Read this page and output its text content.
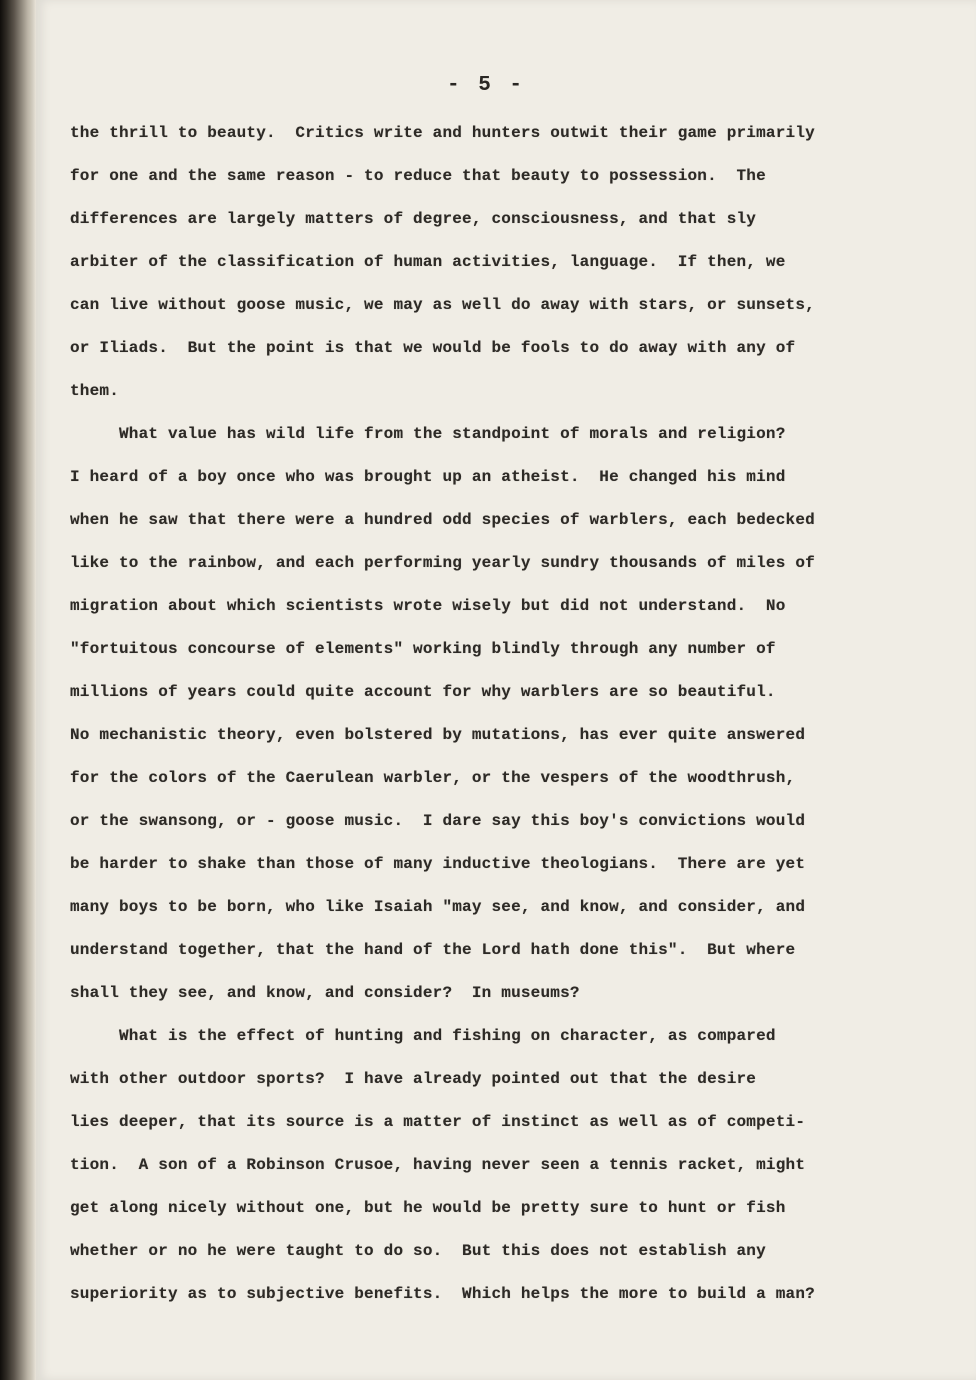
- 5 -
the thrill to beauty.  Critics write and hunters outwit their game primarily
for one and the same reason - to reduce that beauty to possession.  The
differences are largely matters of degree, consciousness, and that sly
arbiter of the classification of human activities, language.  If then, we
can live without goose music, we may as well do away with stars, or sunsets,
or Iliads.  But the point is that we would be fools to do away with any of
them.
What value has wild life from the standpoint of morals and religion?
I heard of a boy once who was brought up an atheist.  He changed his mind
when he saw that there were a hundred odd species of warblers, each bedecked
like to the rainbow, and each performing yearly sundry thousands of miles of
migration about which scientists wrote wisely but did not understand.  No
"fortuitous concourse of elements" working blindly through any number of
millions of years could quite account for why warblers are so beautiful.
No mechanistic theory, even bolstered by mutations, has ever quite answered
for the colors of the Caerulean warbler, or the vespers of the woodthrush,
or the swansong, or - goose music.  I dare say this boy's convictions would
be harder to shake than those of many inductive theologians.  There are yet
many boys to be born, who like Isaiah "may see, and know, and consider, and
understand together, that the hand of the Lord hath done this".  But where
shall they see, and know, and consider?  In museums?
What is the effect of hunting and fishing on character, as compared
with other outdoor sports?  I have already pointed out that the desire
lies deeper, that its source is a matter of instinct as well as of competi-
tion.  A son of a Robinson Crusoe, having never seen a tennis racket, might
get along nicely without one, but he would be pretty sure to hunt or fish
whether or no he were taught to do so.  But this does not establish any
superiority as to subjective benefits.  Which helps the more to build a man?
